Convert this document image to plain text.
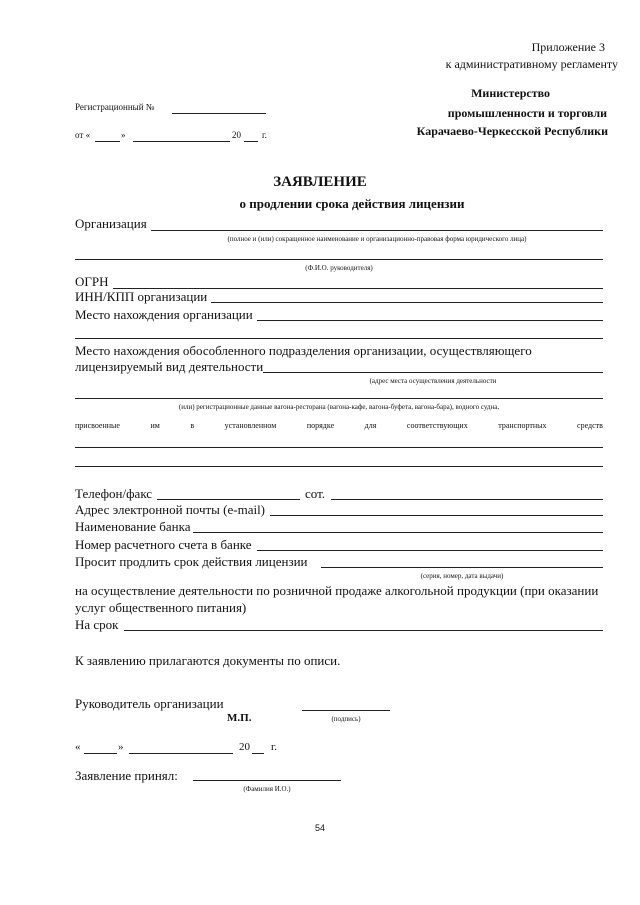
Приложение 3
к административному регламенту
Министерство
промышленности и торговли
Карачаево-Черкесской Республики
Регистрационный №
от «	»	20 г.
ЗАЯВЛЕНИЕ
о продлении срока действия лицензии
Организация
(полное и (или) сокращенное наименование и организационно-правовая форма юридического лица)
(Ф.И.О. руководителя)
ОГРН
ИНН/КПП организации
Место нахождения организации
Место нахождения обособленного подразделения организации, осуществляющего
лицензируемый вид деятельности
(адрес места осуществления деятельности
(или) регистрационные данные вагона-ресторана (вагона-кафе, вагона-буфета, вагона-бара), водного судна,
присвоенные	им	в	установленном	порядке	для	соответствующих	транспортных	средств
Телефон/факс	сот.
Адрес электронной почты (e-mail)
Наименование банка
Номер расчетного счета в банке
Просит продлить срок действия лицензии
(серия, номер, дата выдачи)
на осуществление деятельности по розничной продаже алкогольной продукции (при оказании
услуг общественного питания)
На срок
К заявлению прилагаются документы по описи.
Руководитель организации
М.П.	(подпись)
«	»	20 г.
Заявление принял:
(Фамилия И.О.)
54
